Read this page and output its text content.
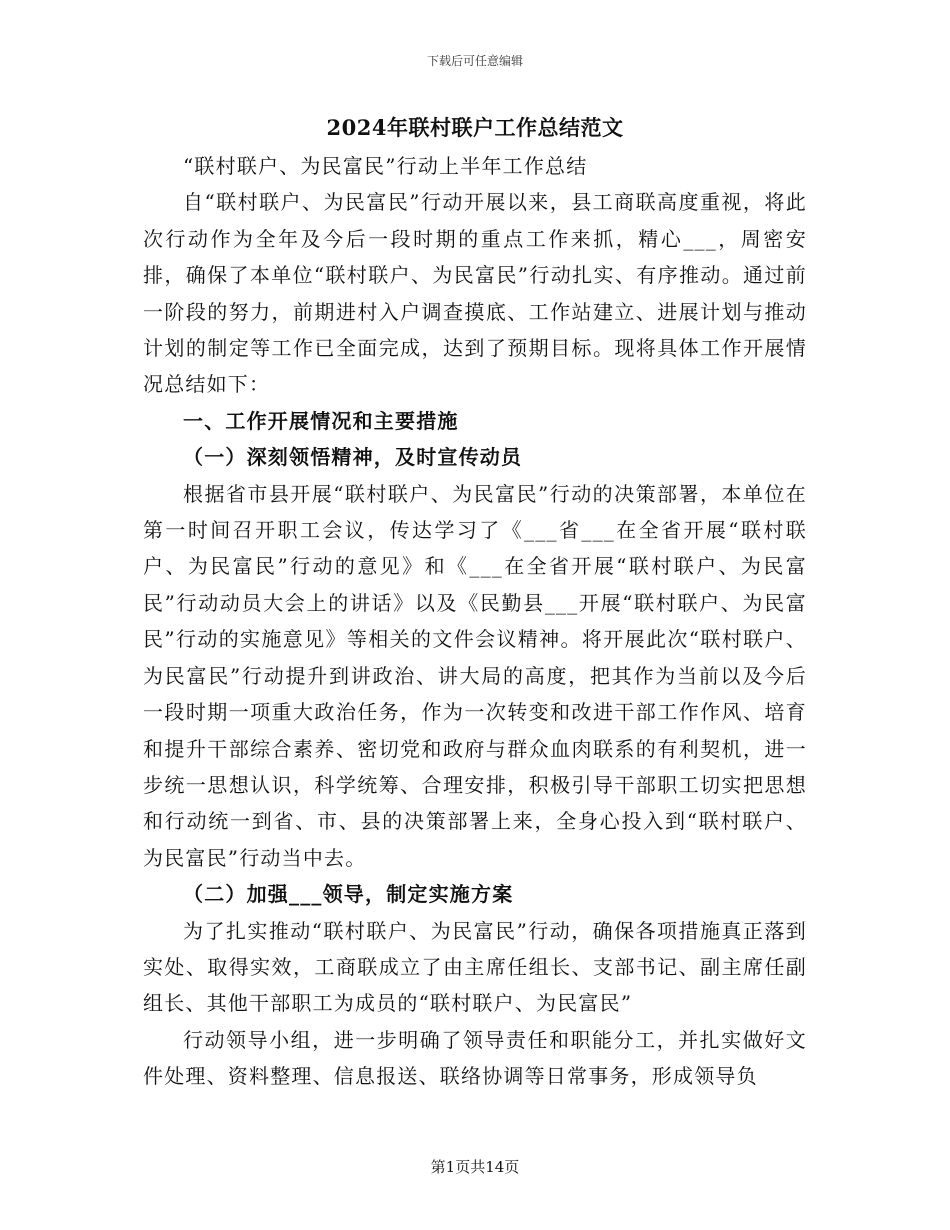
下载后可任意编辑
2024年联村联户工作总结范文

“联村联户、为民富民”行动上半年工作总结

自“联村联户、为民富民”行动开展以来，县工商联高度重视，将此次行动作为全年及今后一段时期的重点工作来抓，精心___，周密安排，确保了本单位“联村联户、为民富民”行动扎实、有序推动。通过前一阶段的努力，前期进村入户调查摸底、工作站建立、进展计划与推动计划的制定等工作已全面完成，达到了预期目标。现将具体工作开展情况总结如下：

一、工作开展情况和主要措施

（一）深刻领悟精神，及时宣传动员

根据省市县开展“联村联户、为民富民”行动的决策部署，本单位在第一时间召开职工会议，传达学习了《___省___在全省开展“联村联户、为民富民”行动的意见》和《___在全省开展“联村联户、为民富民”行动动员大会上的讲话》以及《民勤县___开展“联村联户、为民富民”行动的实施意见》等相关的文件会议精神。将开展此次“联村联户、为民富民”行动提升到讲政治、讲大局的高度，把其作为当前以及今后一段时期一项重大政治任务，作为一次转变和改进干部工作作风、培育和提升干部综合素养、密切党和政府与群众血肉联系的有利契机，进一步统一思想认识，科学统筹、合理安排，积极引导干部职工切实把思想和行动统一到省、市、县的决策部署上来，全身心投入到“联村联户、为民富民”行动当中去。

（二）加强___领导，制定实施方案

为了扎实推动“联村联户、为民富民”行动，确保各项措施真正落到实处、取得实效，工商联成立了由主席任组长、支部书记、副主席任副组长、其他干部职工为成员的“联村联户、为民富民”

行动领导小组，进一步明确了领导责任和职能分工，并扎实做好文件处理、资料整理、信息报送、联络协调等日常事务，形成领导负

第1页共14页
